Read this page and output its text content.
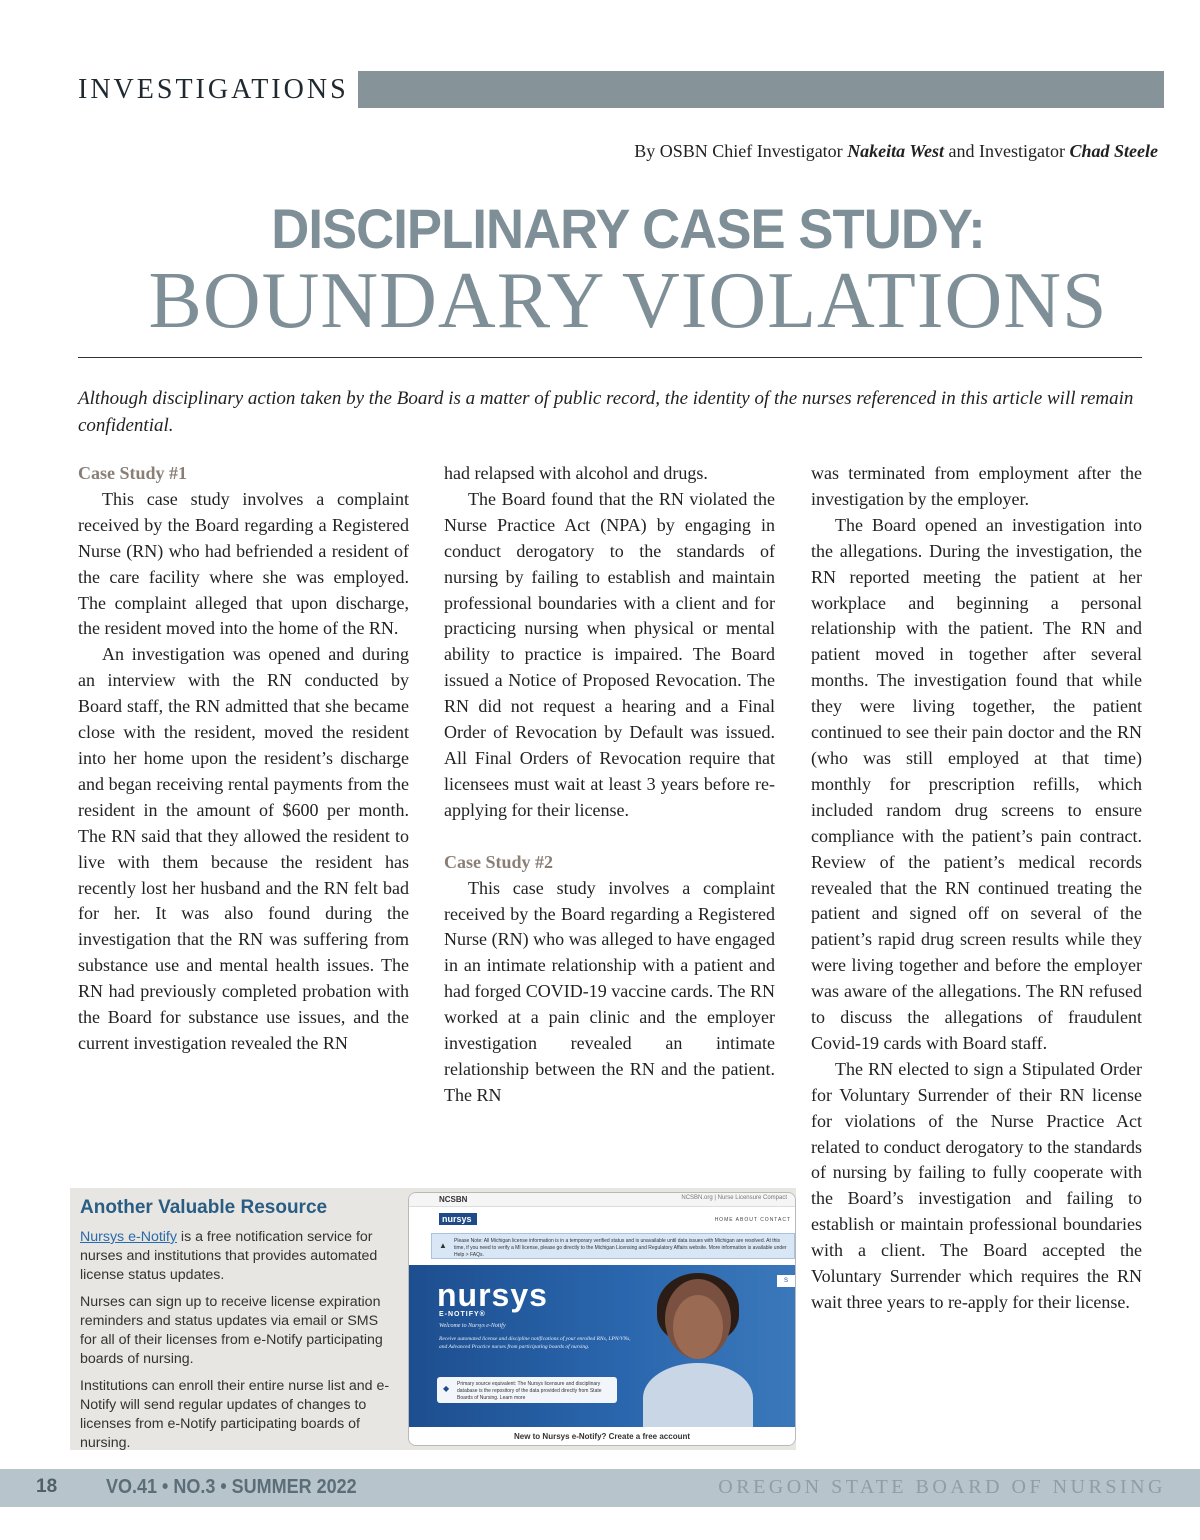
INVESTIGATIONS
By OSBN Chief Investigator Nakeita West and Investigator Chad Steele
DISCIPLINARY CASE STUDY:
BOUNDARY VIOLATIONS
Although disciplinary action taken by the Board is a matter of public record, the identity of the nurses referenced in this article will remain confidential.
Case Study #1

This case study involves a complaint received by the Board regarding a Registered Nurse (RN) who had befriended a resident of the care facility where she was employed. The complaint alleged that upon discharge, the resident moved into the home of the RN.

An investigation was opened and during an interview with the RN conducted by Board staff, the RN admitted that she became close with the resident, moved the resident into her home upon the resident’s discharge and began receiving rental payments from the resident in the amount of $600 per month. The RN said that they allowed the resident to live with them because the resident has recently lost her husband and the RN felt bad for her. It was also found during the investigation that the RN was suffering from substance use and mental health issues. The RN had previously completed probation with the Board for substance use issues, and the current investigation revealed the RN

had relapsed with alcohol and drugs.

The Board found that the RN violated the Nurse Practice Act (NPA) by engaging in conduct derogatory to the standards of nursing by failing to establish and maintain professional boundaries with a client and for practicing nursing when physical or mental ability to practice is impaired. The Board issued a Notice of Proposed Revocation. The RN did not request a hearing and a Final Order of Revocation by Default was issued. All Final Orders of Revocation require that licensees must wait at least 3 years before re-applying for their license.

Case Study #2

This case study involves a complaint received by the Board regarding a Registered Nurse (RN) who was alleged to have engaged in an intimate relationship with a patient and had forged COVID-19 vaccine cards. The RN worked at a pain clinic and the employer investigation revealed an intimate relationship between the RN and the patient. The RN

was terminated from employment after the investigation by the employer.

The Board opened an investigation into the allegations. During the investigation, the RN reported meeting the patient at her workplace and beginning a personal relationship with the patient. The RN and patient moved in together after several months. The investigation found that while they were living together, the patient continued to see their pain doctor and the RN (who was still employed at that time) monthly for prescription refills, which included random drug screens to ensure compliance with the patient’s pain contract. Review of the patient’s medical records revealed that the RN continued treating the patient and signed off on several of the patient’s rapid drug screen results while they were living together and before the employer was aware of the allegations. The RN refused to discuss the allegations of fraudulent Covid-19 cards with Board staff.

The RN elected to sign a Stipulated Order for Voluntary Surrender of their RN license for violations of the Nurse Practice Act related to conduct derogatory to the standards of nursing by failing to fully cooperate with the Board’s investigation and failing to establish or maintain professional boundaries with a client. The Board accepted the Voluntary Surrender which requires the RN wait three years to re-apply for their license.

Another Valuable Resource

Nursys e-Notify is a free notification service for nurses and institutions that provides automated license status updates.

Nurses can sign up to receive license expiration reminders and status updates via email or SMS for all of their licenses from e-Notify participating boards of nursing.

Institutions can enroll their entire nurse list and e-Notify will send regular updates of changes to licenses from e-Notify participating boards of nursing.

NCSBN	NCSBN.org | Nurse Licensure Compact
nursys	HOME ABOUT CONTACT
▲ Please Note: All Michigan license information is in a temporary verified status and is unavailable until data issues with Michigan are resolved. At this time, if you need to verify a MI license, please go directly to the Michigan Licensing and Regulatory Affairs website. More information is available under Help > FAQs.
nursys
E-NOTIFY®
Welcome to Nursys e-Notify
Receive automated license and discipline notifications of your enrolled RNs, LPN/VNs, and Advanced Practice nurses from participating boards of nursing.
◆ Primary source equivalent: The Nursys licensure and disciplinary database is the repository of the data provided directly from State Boards of Nursing. Learn more
S
New to Nursys e-Notify? Create a free account
18 VO.41 • NO.3 • SUMMER 2022	OREGON STATE BOARD OF NURSING
